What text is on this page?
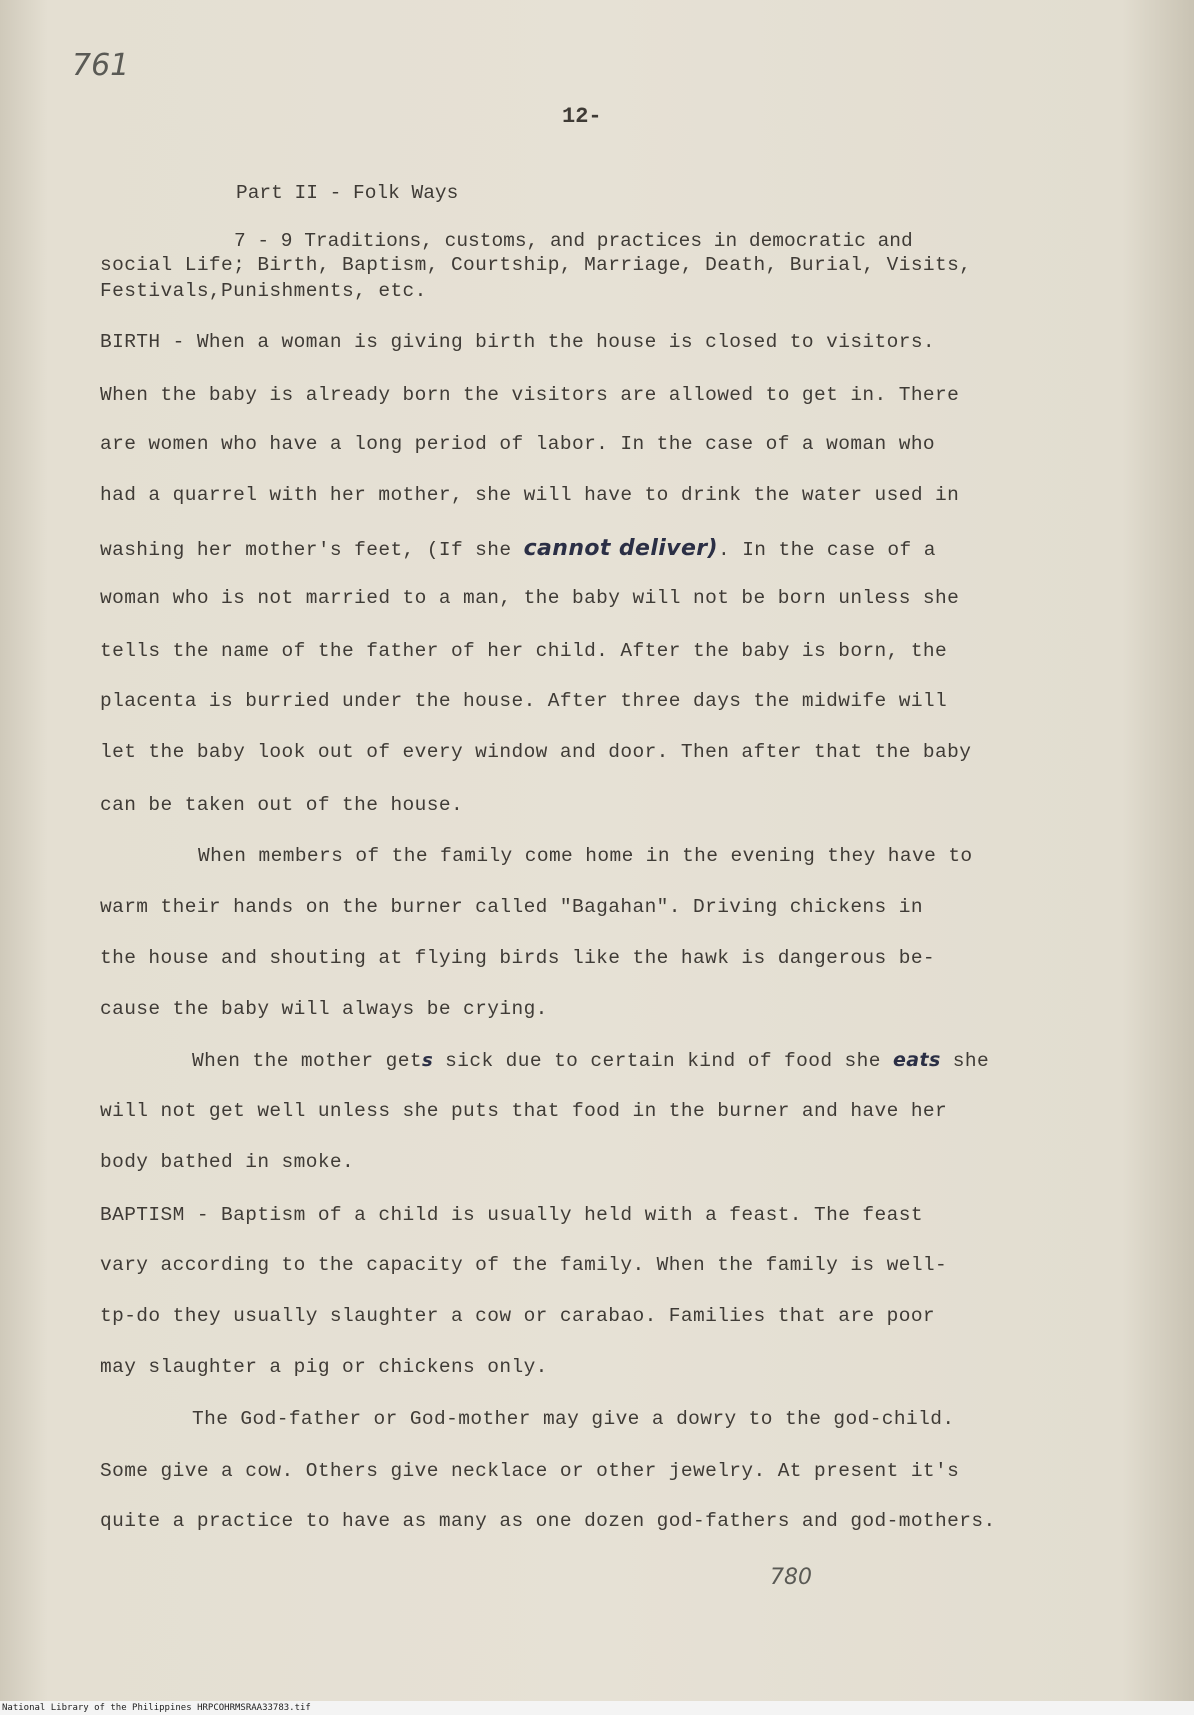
761
12-
Part II - Folk Ways
7 - 9 Traditions, customs, and practices in democratic and
social Life; Birth, Baptism, Courtship, Marriage, Death, Burial, Visits,
Festivals,Punishments, etc.
BIRTH - When a woman is giving birth the house is closed to visitors.
When the baby is already born the visitors are allowed to get in. There
are women who have a long period of labor. In the case of a woman who
had a quarrel with her mother, she will have to drink the water used in
washing her mother's feet, (If she cannot deliver). In the case of a
woman who is not married to a man, the baby will not be born unless she
tells the name of the father of her child. After the baby is born, the
placenta is burried under the house. After three days the midwife will
let the baby look out of every window and door. Then after that the baby
can be taken out of the house.
When members of the family come home in the evening they have to
warm their hands on the burner called "Bagahan". Driving chickens in
the house and shouting at flying birds like the hawk is dangerous be-
cause the baby will always be crying.
When the mother gets sick due to certain kind of food she eats she
will not get well unless she puts that food in the burner and have her
body bathed in smoke.
BAPTISM - Baptism of a child is usually held with a feast. The feast
vary according to the capacity of the family. When the family is well-
tp-do they usually slaughter a cow or carabao. Families that are poor
may slaughter a pig or chickens only.
The God-father or God-mother may give a dowry to the god-child.
Some give a cow. Others give necklace or other jewelry. At present it's
quite a practice to have as many as one dozen god-fathers and god-mothers.
780
National Library of the Philippines HRPCOHRMSRAA33783.tif
